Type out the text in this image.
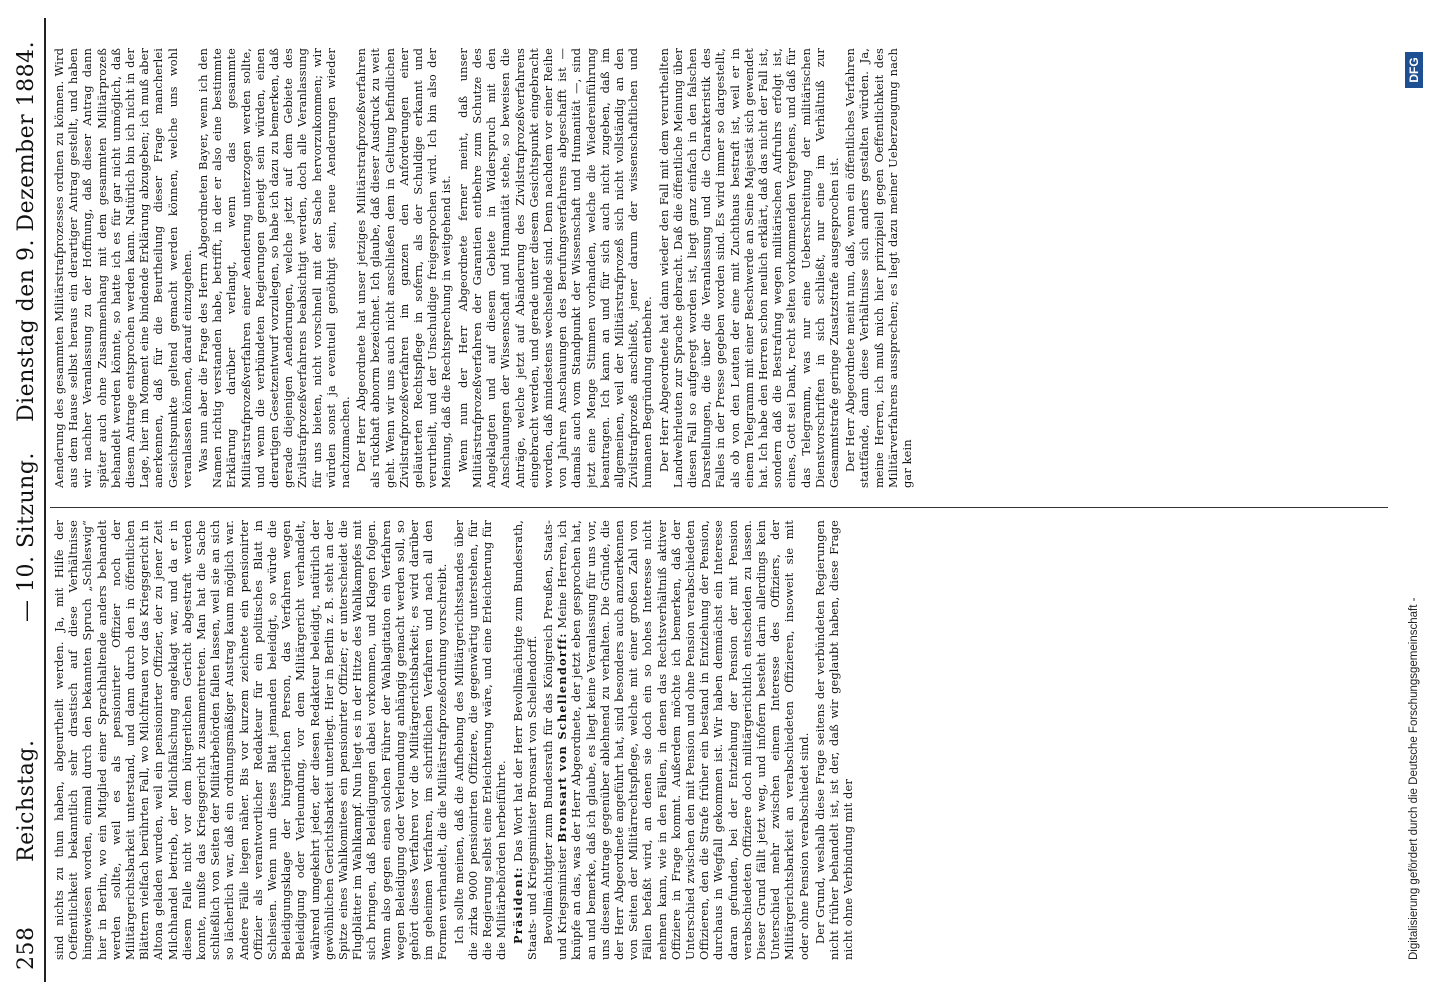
258
Reichstag.
— 10. Sitzung.
Dienstag den 9. Dezember 1884.

sind nichts zu thun haben, abgeurtheilt werden. Ja, mit Hilfe der Oeffentlichkeit bekanntlich sehr drastisch auf diese Verhältnisse hingewiesen worden, einmal durch den bekannten Spruch „Schleswig“ hier in Berlin, wo ein Mitglied einer Sprachhaltende anders behandelt werden sollte, weil es als pensionirter Offizier noch der Militärgerichtsbarkeit unterstand, und dann durch den in öffentlichen Blättern vielfach berührten Fall, wo Milchfrauen vor das Kriegsgericht in Altona geladen wurden, weil ein pensionirter Offizier, der zu jener Zeit Milchhandel betrieb, der Milchfälschung angeklagt war, und da er in diesem Falle nicht vor dem bürgerlichen Gericht abgestraft werden konnte, mußte das Kriegsgericht zusammentreten. Man hat die Sache schließlich von Seiten der Militärbehörden fallen lassen, weil sie an sich so lächerlich war, daß ein ordnungsmäßiger Austrag kaum möglich war. Andere Fälle liegen näher. Bis vor kurzem zeichnete ein pensionirter Offizier als verantwortlicher Redakteur für ein politisches Blatt in Schlesien. Wenn nun dieses Blatt jemanden beleidigt, so würde die Beleidigungsklage der bürgerlichen Person, das Verfahren wegen Beleidigung oder Verleumdung, vor dem Militärgericht verhandelt, während umgekehrt jeder, der diesen Redakteur beleidigt, natürlich der gewöhnlichen Gerichtsbarkeit unterliegt. Hier in Berlin z. B. steht an der Spitze eines Wahlkomitees ein pensionirter Offizier; er unterscheidet die Flugblätter im Wahlkampf. Nun liegt es in der Hitze des Wahlkampfes mit sich bringen, daß Beleidigungen dabei vorkommen, und Klagen folgen. Wenn also gegen einen solchen Führer der Wahlagitation ein Verfahren wegen Beleidigung oder Verleumdung anhängig gemacht werden soll, so gehört dieses Verfahren vor die Militärgerichtsbarkeit; es wird darüber im geheimen Verfahren, im schriftlichen Verfahren und nach all den Formen verhandelt, die die Militärstrafprozeßordnung vorschreibt. Ich sollte meinen, daß die Aufhebung des Militärgerichtsstandes über die zirka 9000 pensionirten Offiziere, die gegenwärtig unterstehen, für die Regierung selbst eine Erleichterung wäre, und eine Erleichterung für die Militärbehörden herbeiführte. Präsident: Das Wort hat der Herr Bevollmächtigte zum Bundesrath, Staats- und Kriegsminister Bronsart von Schellendorff. Bevollmächtigter zum Bundesrath für das Königreich Preußen, Staats- und Kriegsminister Bronsart von Schellendorff: Meine Herren, ich knüpfe an das, was der Herr Abgeordnete, der jetzt eben gesprochen hat, an und bemerke, daß ich glaube, es liegt keine Veranlassung für uns vor, uns diesem Antrage gegenüber ablehnend zu verhalten. Die Gründe, die der Herr Abgeordnete angeführt hat, sind besonders auch anzuerkennen von Seiten der Militärrechtspflege, welche mit einer großen Zahl von Fällen befaßt wird, an denen sie doch ein so hohes Interesse nicht nehmen kann, wie in den Fällen, in denen das Rechtsverhältniß aktiver Offiziere in Frage kommt. Außerdem möchte ich bemerken, daß der Unterschied zwischen den mit Pension und ohne Pension verabschiedeten Offizieren, den die Strafe früher ein bestand in Entziehung der Pension, durchaus in Wegfall gekommen ist. Wir haben demnächst ein Interesse daran gefunden, bei der Entziehung der Pension der mit Pension verabschiedeten Offiziere doch militärgerichtlich entscheiden zu lassen. Dieser Grund fällt jetzt weg, und infofern besteht darin allerdings kein Unterschied mehr zwischen einem Interesse des Offiziers, der Militärgerichtsbarkeit an verabschiedeten Offizieren, insoweit sie mit oder ohne Pension verabschiedet sind. Der Grund, weshalb diese Frage seitens der verbündeten Regierungen nicht früher behandelt ist, ist der, daß wir geglaubt haben, diese Frage nicht ohne Verbindung mit der

Aenderung des gesammten Militärstrafprozesses ordnen zu können. Wird aus dem Hause selbst heraus ein derartiger Antrag gestellt, und haben wir nachher Veranlassung zu der Hoffnung, daß dieser Antrag dann später auch ohne Zusammenhang mit dem gesammten Militärprozeß behandelt werden könnte, so hatte ich es für gar nicht unmöglich, daß diesem Antrage entsprochen werden kann. Natürlich bin ich nicht in der Lage, hier im Moment eine bindende Erklärung abzugeben; ich muß aber anerkennen, daß für die Beurtheilung dieser Frage mancherlei Gesichtspunkte geltend gemacht werden können, welche uns wohl veranlassen können, darauf einzugehen. Was nun aber die Frage des Herrn Abgeordneten Bayer, wenn ich den Namen richtig verstanden habe, betrifft, in der er also eine bestimmte Erklärung darüber verlangt, wenn das gesammte Militärstrafprozeßverfahren einer Aenderung unterzogen werden sollte, und wenn die verbündeten Regierungen geneigt sein würden, einen derartigen Gesetzentwurf vorzulegen, so habe ich dazu zu bemerken, daß gerade diejenigen Aenderungen, welche jetzt auf dem Gebiete des Zivilstrafprozeßverfahrens beabsichtigt werden, doch alle Veranlassung für uns bieten, nicht vorschnell mit der Sache hervorzukommen; wir würden sonst ja eventuell genöthigt sein, neue Aenderungen wieder nachzumachen. Der Herr Abgeordnete hat unser jetziges Militärstrafprozeßverfahren als rückhaft abnorm bezeichnet. Ich glaube, daß dieser Ausdruck zu weit geht. Wenn wir uns auch nicht anschließen dem in Geltung befindlichen Zivilstrafprozeßverfahren im ganzen den Anforderungen einer geläuterten Rechtspflege in sofern, als der Schuldige erkannt und verurtheilt, und der Unschuldige freigesprochen wird. Ich bin also der Meinung, daß die Rechtsprechung in weitgehend ist. Wenn nun der Herr Abgeordnete ferner meint, daß unser Militärstrafprozeßverfahren der Garantien entbehre zum Schutze des Angeklagten und auf diesem Gebiete in Widerspruch mit den Anschauungen der Wissenschaft und Humanität stehe, so beweisen die Anträge, welche jetzt auf Abänderung des Zivilstrafprozeßverfahrens eingebracht werden, und gerade unter diesem Gesichtspunkt eingebracht worden, daß mindestens wechselnde sind. Denn nachdem vor einer Reihe von Jahren Anschauungen des Berufungsverfahrens abgeschafft ist — damals auch vom Standpunkt der Wissenschaft und Humanität —, sind jetzt eine Menge Stimmen vorhanden, welche die Wiedereinführung beantragen. Ich kann an und für sich auch nicht zugeben, daß im allgemeinen, weil der Militärstrafprozeß sich nicht vollständig an den Zivilstrafprozeß anschließt, jener darum der wissenschaftlichen und humanen Begründung entbehre. Der Herr Abgeordnete hat dann wieder den Fall mit dem verurtheilten Landwehrleuten zur Sprache gebracht. Daß die öffentliche Meinung über diesen Fall so aufgeregt worden ist, liegt ganz einfach in den falschen Darstellungen, die über die Veranlassung und die Charakteristik des Falles in der Presse gegeben worden sind. Es wird immer so dargestellt, als ob von den Leuten der eine mit Zuchthaus bestraft ist, weil er in einem Telegramm mit einer Beschwerde an Seine Majestät sich gewendet hat. Ich habe den Herren schon neulich erklärt, daß das nicht der Fall ist, sondern daß die Bestrafung wegen militärischen Aufruhrs erfolgt ist, eines, Gott sei Dank, recht selten vorkommenden Vergehens, und daß für das Telegramm, was nur eine Ueberschreitung der militärischen Dienstvorschriften in sich schließt, nur eine im Verhältniß zur Gesammtstrafe geringe Zusatzstrafe ausgesprochen ist. Der Herr Abgeordnete meint nun, daß, wenn ein öffentliches Verfahren stattfände, dann diese Verhältnisse sich anders gestalten würden. Ja, meine Herren, ich muß mich hier prinzipiell gegen Oeffentlichkeit des Militärverfahrens aussprechen; es liegt dazu meiner Ueberzeugung nach gar kein

Digitalisierung gefördert durch die Deutsche Forschungsgemeinschaft -
DFG
